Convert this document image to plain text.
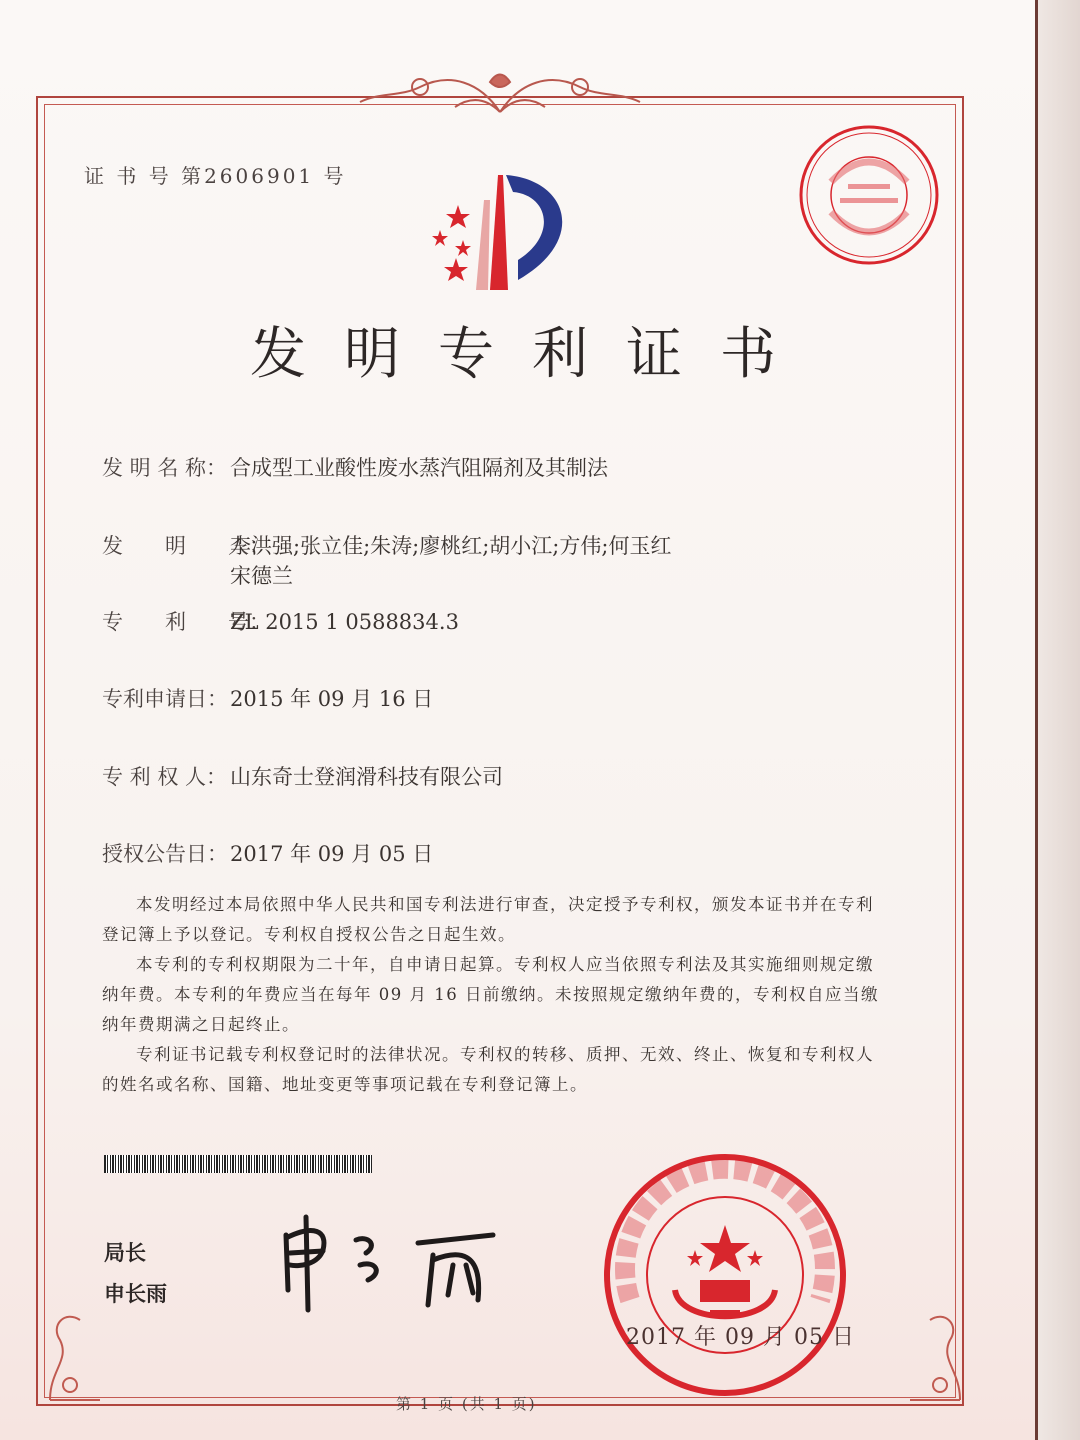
证 书 号 第2606901 号
发明专利证书
发 明 名 称： 合成型工业酸性废水蒸汽阻隔剂及其制法
发　　明　　人：李洪强;张立佳;朱涛;廖桃红;胡小江;方伟;何玉红
宋德兰
专　　利　　号：ZL 2015 1 0588834.3
专利申请日：2015 年 09 月 16 日
专 利 权 人： 山东奇士登润滑科技有限公司
授权公告日：2017 年 09 月 05 日

本发明经过本局依照中华人民共和国专利法进行审查，决定授予专利权，颁发本证书并在专利登记簿上予以登记。专利权自授权公告之日起生效。

本专利的专利权期限为二十年，自申请日起算。专利权人应当依照专利法及其实施细则规定缴纳年费。本专利的年费应当在每年 09 月 16 日前缴纳。未按照规定缴纳年费的，专利权自应当缴纳年费期满之日起终止。

专利证书记载专利权登记时的法律状况。专利权的转移、质押、无效、终止、恢复和专利权人的姓名或名称、国籍、地址变更等事项记载在专利登记簿上。

局长
申长雨
2017 年 09 月 05 日
第 1 页 (共 1 页)
